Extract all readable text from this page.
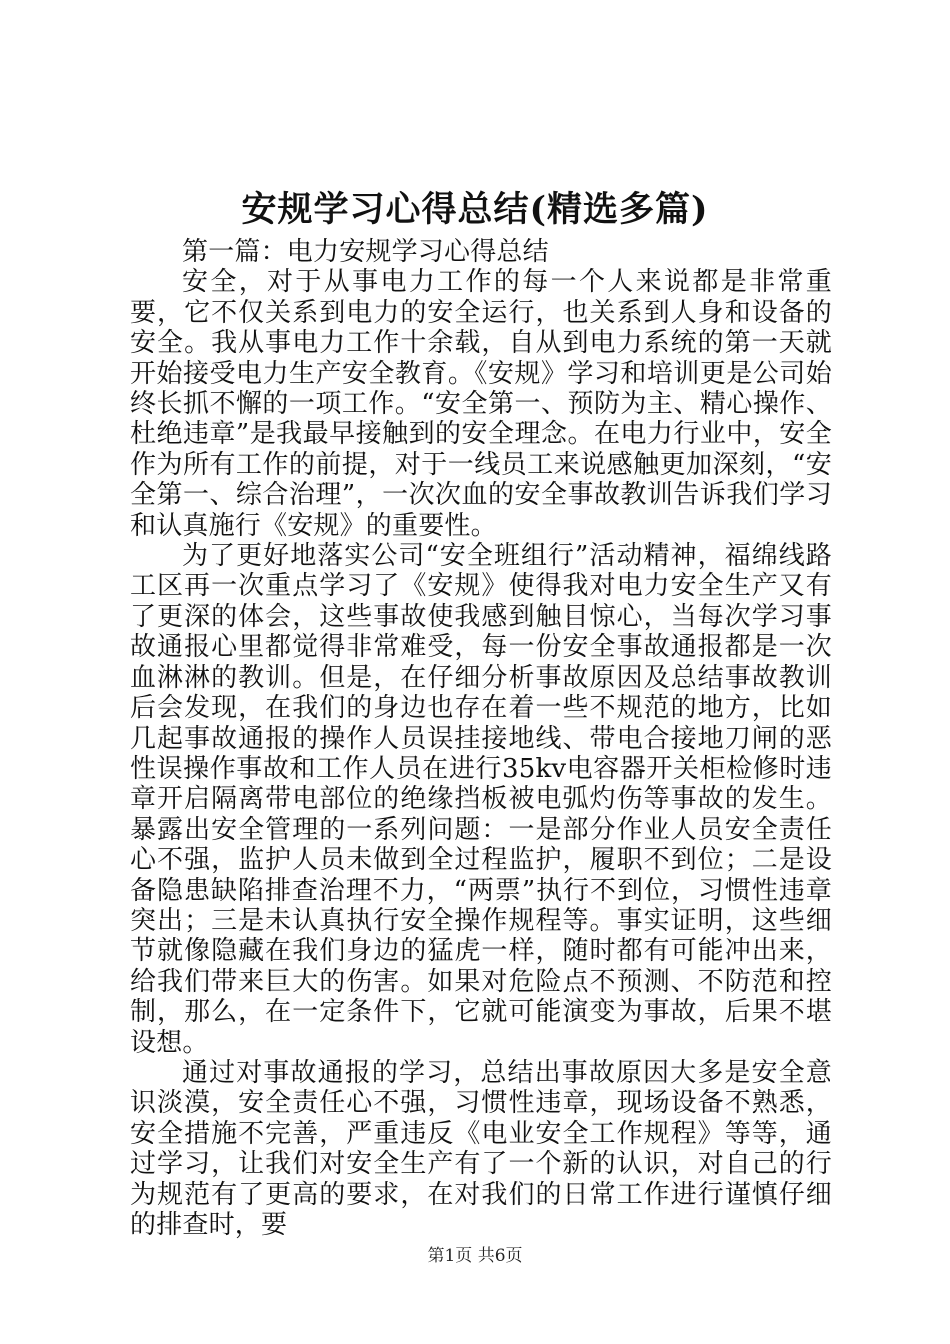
安规学习心得总结(精选多篇)

第一篇：电力安规学习心得总结

安全，对于从事电力工作的每一个人来说都是非常重要，它不仅关系到电力的安全运行，也关系到人身和设备的安全。我从事电力工作十余载，自从到电力系统的第一天就开始接受电力生产安全教育。《安规》学习和培训更是公司始终长抓不懈的一项工作。“安全第一、预防为主、精心操作、杜绝违章”是我最早接触到的安全理念。在电力行业中，安全作为所有工作的前提，对于一线员工来说感触更加深刻，“安全第一、综合治理”，一次次血的安全事故教训告诉我们学习和认真施行《安规》的重要性。

为了更好地落实公司“安全班组行”活动精神，福绵线路工区再一次重点学习了《安规》使得我对电力安全生产又有了更深的体会，这些事故使我感到触目惊心，当每次学习事故通报心里都觉得非常难受，每一份安全事故通报都是一次血淋淋的教训。但是，在仔细分析事故原因及总结事故教训后会发现，在我们的身边也存在着一些不规范的地方，比如几起事故通报的操作人员误挂接地线、带电合接地刀闸的恶性误操作事故和工作人员在进行35kv电容器开关柜检修时违章开启隔离带电部位的绝缘挡板被电弧灼伤等事故的发生。暴露出安全管理的一系列问题：一是部分作业人员安全责任心不强，监护人员未做到全过程监护，履职不到位；二是设备隐患缺陷排查治理不力，“两票”执行不到位，习惯性违章突出；三是未认真执行安全操作规程等。事实证明，这些细节就像隐藏在我们身边的猛虎一样，随时都有可能冲出来，给我们带来巨大的伤害。如果对危险点不预测、不防范和控制，那么，在一定条件下，它就可能演变为事故，后果不堪设想。

通过对事故通报的学习，总结出事故原因大多是安全意识淡漠，安全责任心不强，习惯性违章，现场设备不熟悉，安全措施不完善，严重违反《电业安全工作规程》等等，通过学习，让我们对安全生产有了一个新的认识，对自己的行为规范有了更高的要求，在对我们的日常工作进行谨慎仔细的排查时，要

第1页 共6页
